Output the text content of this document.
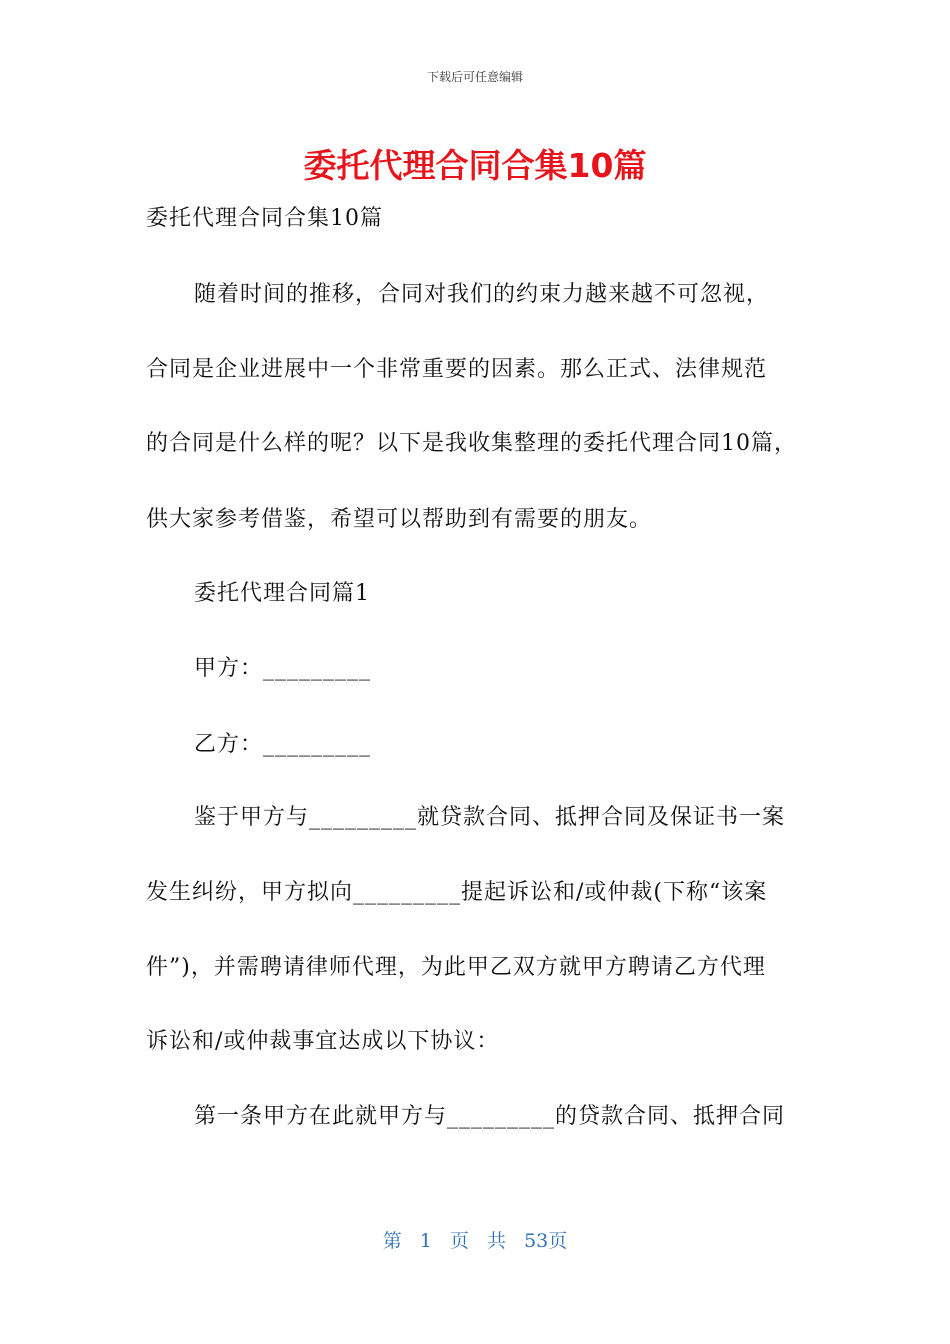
下载后可任意编辑
委托代理合同合集10篇
委托代理合同合集10篇
随着时间的推移，合同对我们的约束力越来越不可忽视，
合同是企业进展中一个非常重要的因素。那么正式、法律规范
的合同是什么样的呢？以下是我收集整理的委托代理合同10篇，
供大家参考借鉴，希望可以帮助到有需要的朋友。
委托代理合同篇1
甲方：_________
乙方：_________
鉴于甲方与_________就贷款合同、抵押合同及保证书一案
发生纠纷，甲方拟向_________提起诉讼和/或仲裁(下称“该案
件”)，并需聘请律师代理，为此甲乙双方就甲方聘请乙方代理
诉讼和/或仲裁事宜达成以下协议：
第一条甲方在此就甲方与_________的贷款合同、抵押合同
第 1 页 共 53页
